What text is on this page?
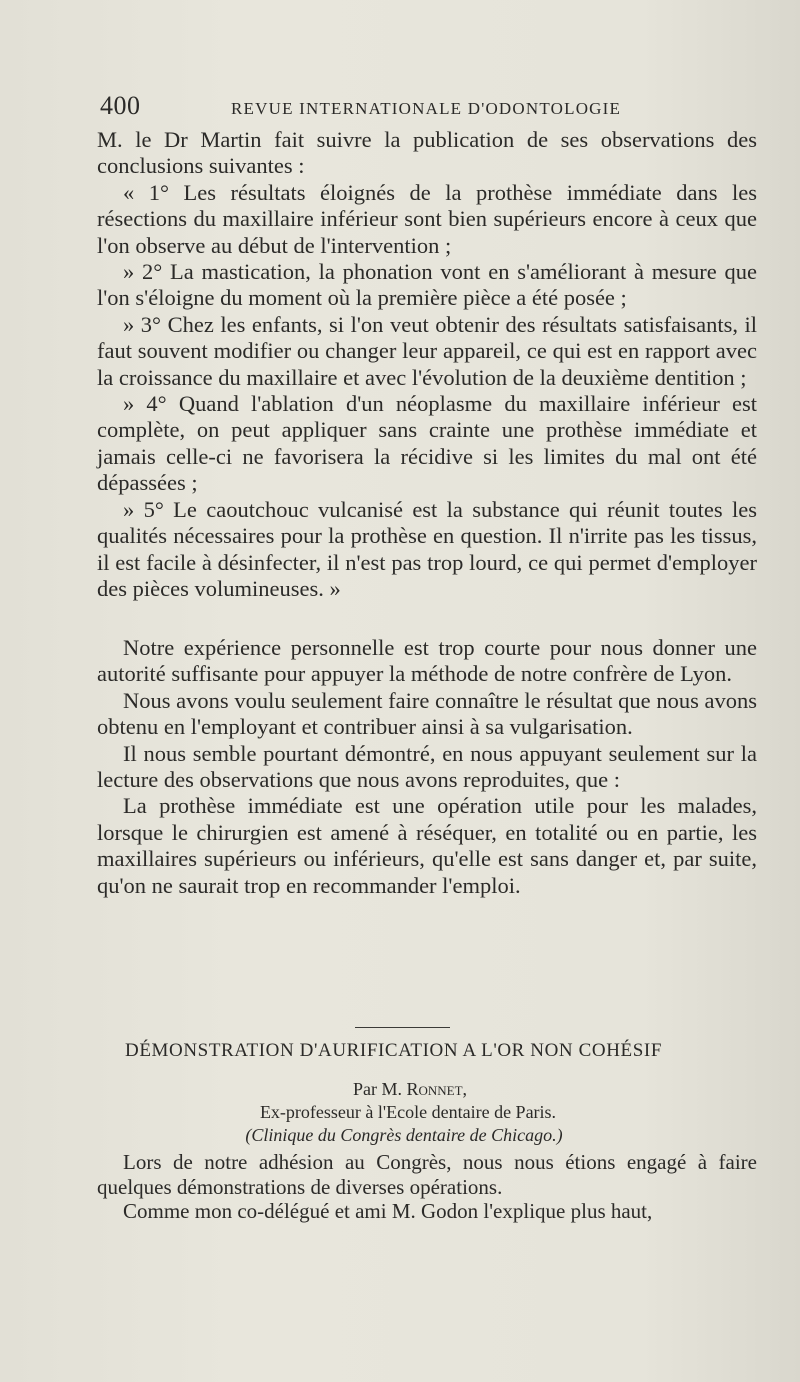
400	REVUE INTERNATIONALE D'ODONTOLOGIE

M. le Dr Martin fait suivre la publication de ses observations des conclusions suivantes :

« 1° Les résultats éloignés de la prothèse immédiate dans les résections du maxillaire inférieur sont bien supérieurs encore à ceux que l'on observe au début de l'intervention ;

» 2° La mastication, la phonation vont en s'améliorant à mesure que l'on s'éloigne du moment où la première pièce a été posée ;

» 3° Chez les enfants, si l'on veut obtenir des résultats satisfaisants, il faut souvent modifier ou changer leur appareil, ce qui est en rapport avec la croissance du maxillaire et avec l'évolution de la deuxième dentition ;

» 4° Quand l'ablation d'un néoplasme du maxillaire inférieur est complète, on peut appliquer sans crainte une prothèse immédiate et jamais celle-ci ne favorisera la récidive si les limites du mal ont été dépassées ;

» 5° Le caoutchouc vulcanisé est la substance qui réunit toutes les qualités nécessaires pour la prothèse en question. Il n'irrite pas les tissus, il est facile à désinfecter, il n'est pas trop lourd, ce qui permet d'employer des pièces volumineuses. »

Notre expérience personnelle est trop courte pour nous donner une autorité suffisante pour appuyer la méthode de notre confrère de Lyon.

Nous avons voulu seulement faire connaître le résultat que nous avons obtenu en l'employant et contribuer ainsi à sa vulgarisation.

Il nous semble pourtant démontré, en nous appuyant seulement sur la lecture des observations que nous avons reproduites, que :

La prothèse immédiate est une opération utile pour les malades, lorsque le chirurgien est amené à réséquer, en totalité ou en partie, les maxillaires supérieurs ou inférieurs, qu'elle est sans danger et, par suite, qu'on ne saurait trop en recommander l'emploi.

DÉMONSTRATION D'AURIFICATION A L'OR NON COHÉSIF
Par M. Ronnet,
Ex-professeur à l'Ecole dentaire de Paris.
(Clinique du Congrès dentaire de Chicago.)

Lors de notre adhésion au Congrès, nous nous étions engagé à faire quelques démonstrations de diverses opérations.

Comme mon co-délégué et ami M. Godon l'explique plus haut,
